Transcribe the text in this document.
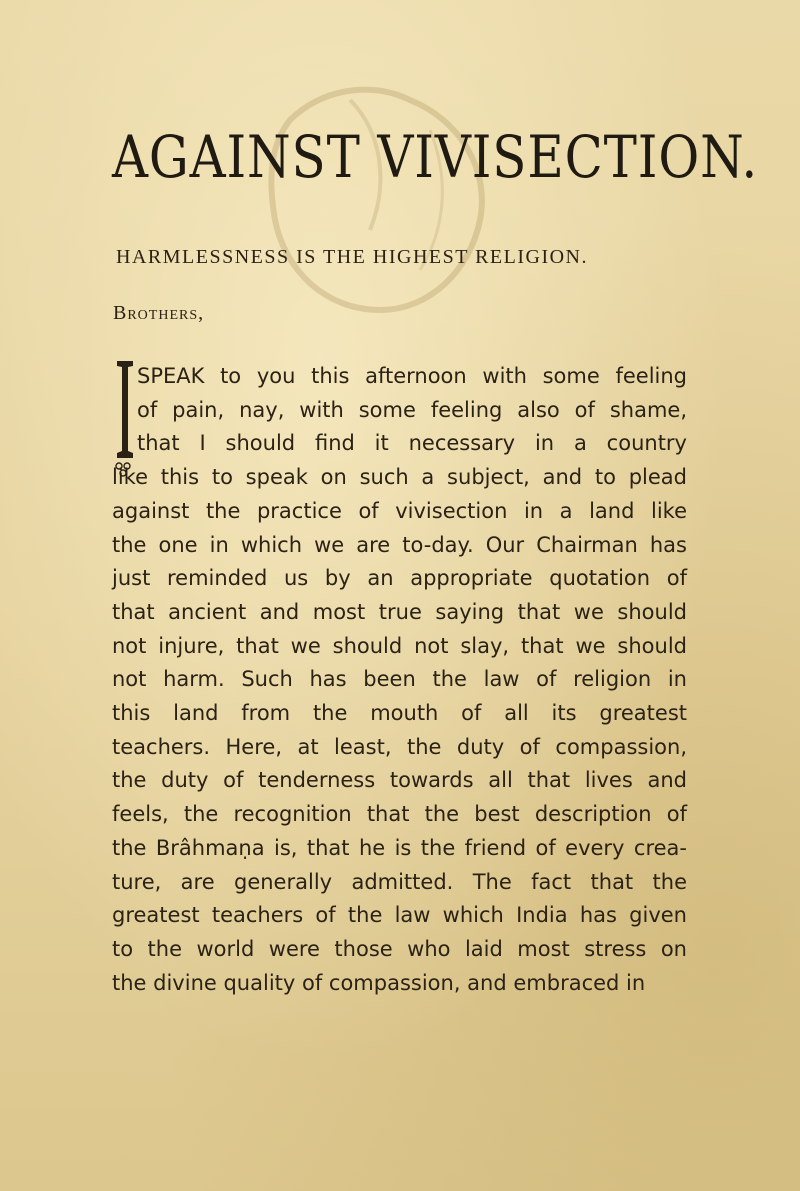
AGAINST VIVISECTION.

HARMLESSNESS IS THE HIGHEST RELIGION.

Brothers,

I
SPEAK to you this afternoon with some feeling
of pain, nay, with some feeling also of shame,
that I should find it necessary in a country
like this to speak on such a subject, and to plead
against the practice of vivisection in a land like
the one in which we are to-day. Our Chairman has
just reminded us by an appropriate quotation of
that ancient and most true saying that we should
not injure, that we should not slay, that we should
not harm. Such has been the law of religion in
this land from the mouth of all its greatest
teachers. Here, at least, the duty of compassion,
the duty of tenderness towards all that lives and
feels, the recognition that the best description of
the Brâhmaṇa is, that he is the friend of every crea-
ture, are generally admitted. The fact that the
greatest teachers of the law which India has given
to the world were those who laid most stress on
the divine quality of compassion, and embraced in
